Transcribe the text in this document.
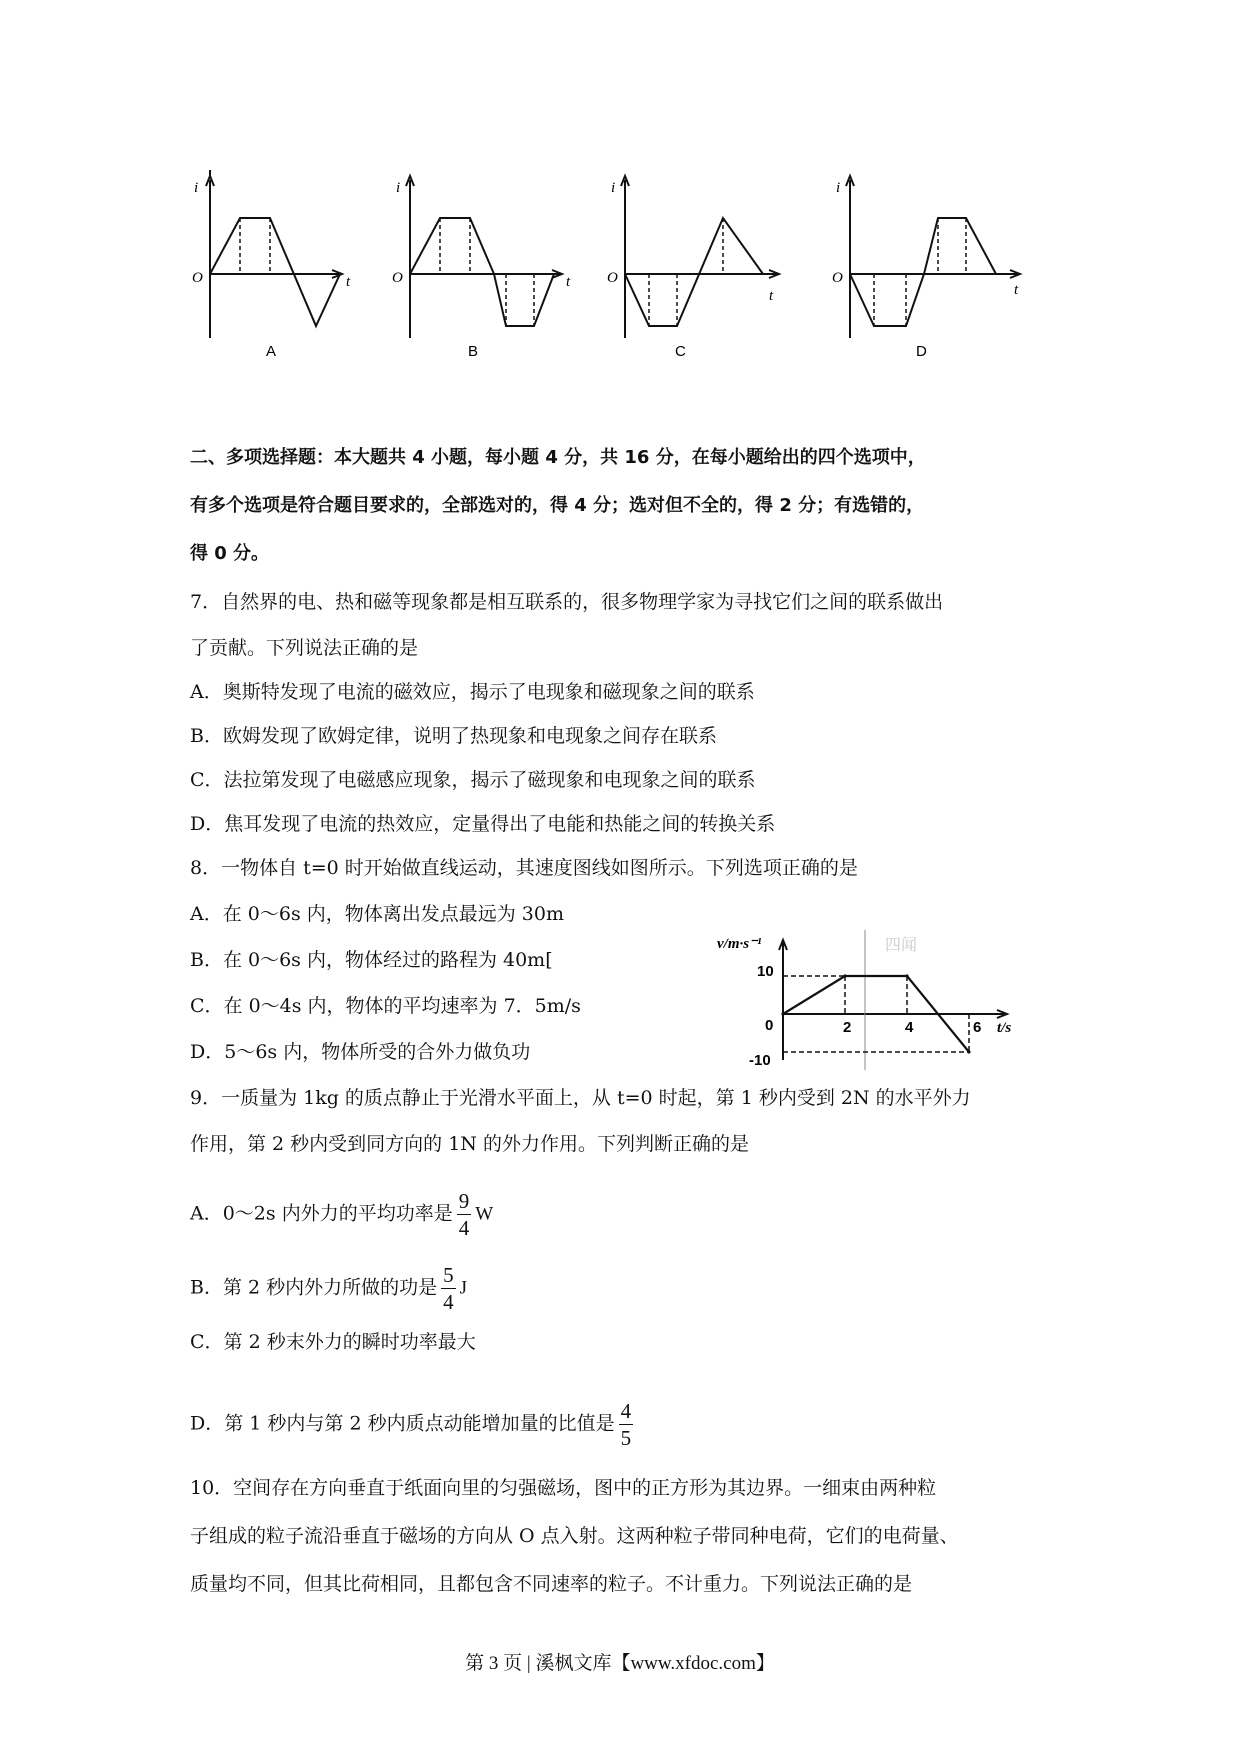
i
O	t
A
i
O	t
B
i
O
t
C
i
O
t
D
二、多项选择题：本大题共 4 小题，每小题 4 分，共 16 分，在每小题给出的四个选项中，
有多个选项是符合题目要求的，全部选对的，得 4 分；选对但不全的，得 2 分；有选错的，
得 0 分。
7．自然界的电、热和磁等现象都是相互联系的，很多物理学家为寻找它们之间的联系做出
了贡献。下列说法正确的是
A．奥斯特发现了电流的磁效应，揭示了电现象和磁现象之间的联系
B．欧姆发现了欧姆定律，说明了热现象和电现象之间存在联系
C．法拉第发现了电磁感应现象，揭示了磁现象和电现象之间的联系
D．焦耳发现了电流的热效应，定量得出了电能和热能之间的转换关系
8．一物体自 t=0 时开始做直线运动，其速度图线如图所示。下列选项正确的是
A．在 0～6s 内，物体离出发点最远为 30m
B．在 0～6s 内，物体经过的路程为 40m[
C．在 0～4s 内，物体的平均速率为 7．5m/s
D．5～6s 内，物体所受的合外力做负功
v/m·s⁻¹
t/s
0
10
-10
2	4	6
四闻
9．一质量为 1kg 的质点静止于光滑水平面上，从 t=0 时起，第 1 秒内受到 2N 的水平外力
作用，第 2 秒内受到同方向的 1N 的外力作用。下列判断正确的是
A．0～2s 内外力的平均功率是 $\frac{9}{4}$ W
B．第 2 秒内外力所做的功是 $\frac{5}{4}$ J
C．第 2 秒末外力的瞬时功率最大
D．第 1 秒内与第 2 秒内质点动能增加量的比值是 $\frac{4}{5}$
10．空间存在方向垂直于纸面向里的匀强磁场，图中的正方形为其边界。一细束由两种粒
子组成的粒子流沿垂直于磁场的方向从 O 点入射。这两种粒子带同种电荷，它们的电荷量、
质量均不同，但其比荷相同，且都包含不同速率的粒子。不计重力。下列说法正确的是
第 3 页 | 溪枫文库【www.xfdoc.com】
